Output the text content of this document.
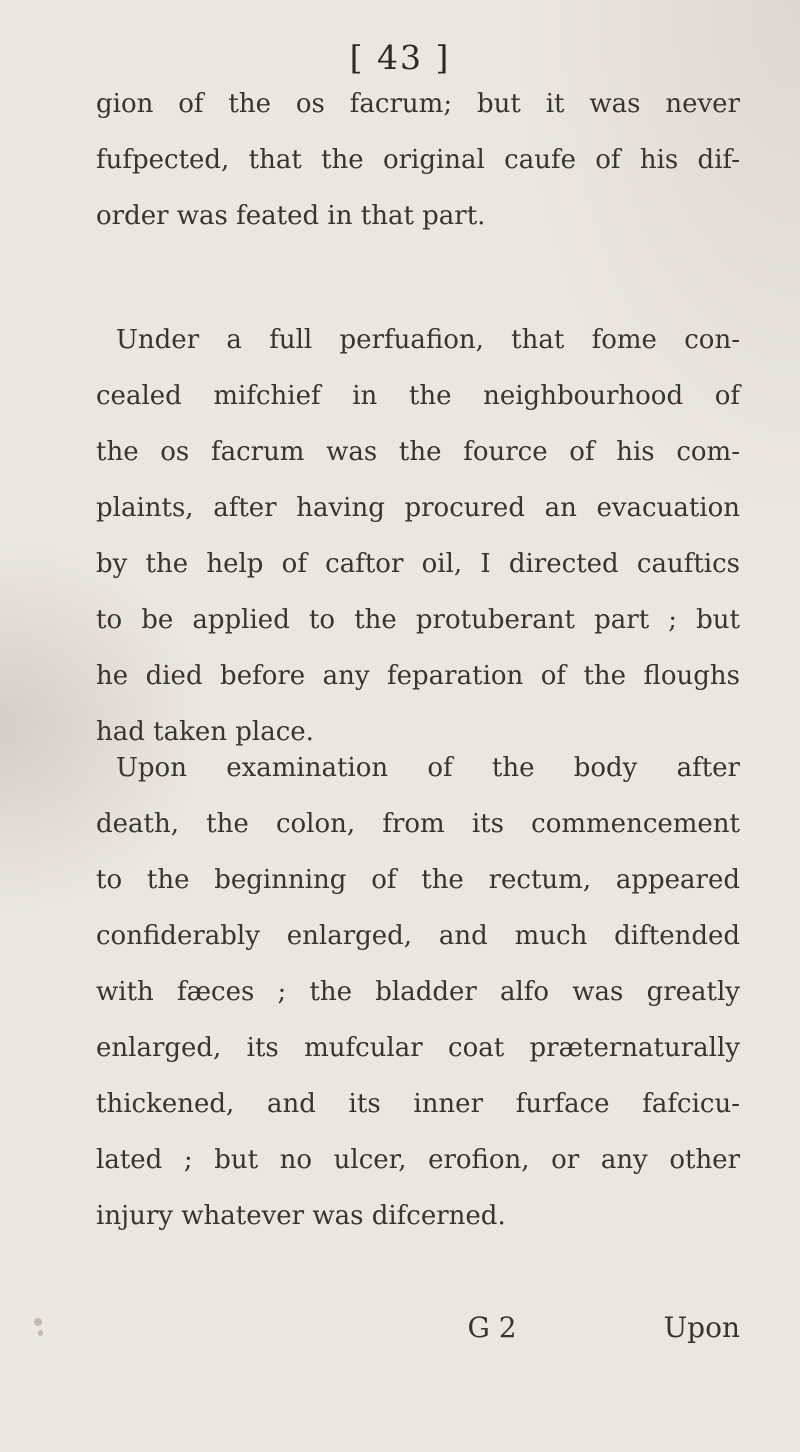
[ 43 ]
gion of the os facrum; but it was never
fufpected, that the original caufe of his dif-
order was feated in that part.
Under a full perfuafion, that fome con-
cealed mifchief in the neighbourhood of
the os facrum was the fource of his com-
plaints, after having procured an evacuation
by the help of caftor oil, I directed cauftics
to be applied to the protuberant part ; but
he died before any feparation of the floughs
had taken place.
Upon examination of the body after
death, the colon, from its commencement
to the beginning of the rectum, appeared
confiderably enlarged, and much diftended
with fæces ; the bladder alfo was greatly
enlarged, its mufcular coat præternaturally
thickened, and its inner furface fafcicu-
lated ; but no ulcer, erofion, or any other
injury whatever was difcerned.
G 2	Upon
